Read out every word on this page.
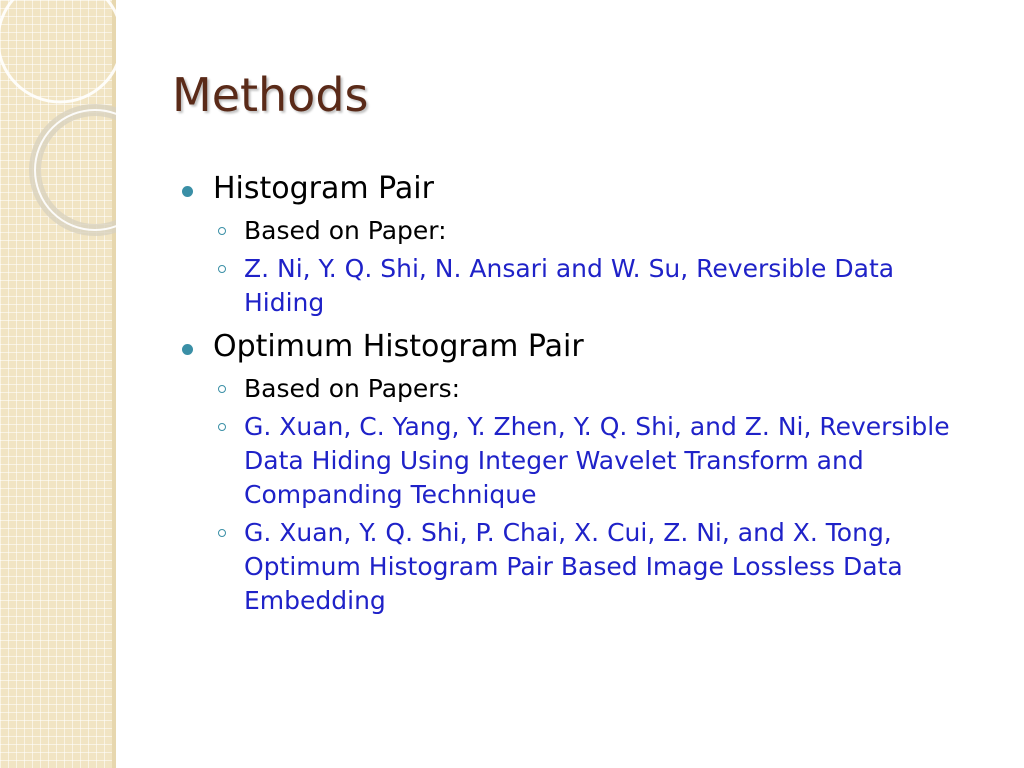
Methods
Histogram Pair
Based on Paper:
Z. Ni, Y. Q. Shi, N. Ansari and W. Su, Reversible Data Hiding
Optimum Histogram Pair
Based on Papers:
G. Xuan, C. Yang, Y. Zhen, Y. Q. Shi, and Z. Ni, Reversible Data Hiding Using Integer Wavelet Transform and Companding Technique
G. Xuan, Y. Q. Shi, P. Chai, X. Cui, Z. Ni, and X. Tong, Optimum Histogram Pair Based Image Lossless Data Embedding
